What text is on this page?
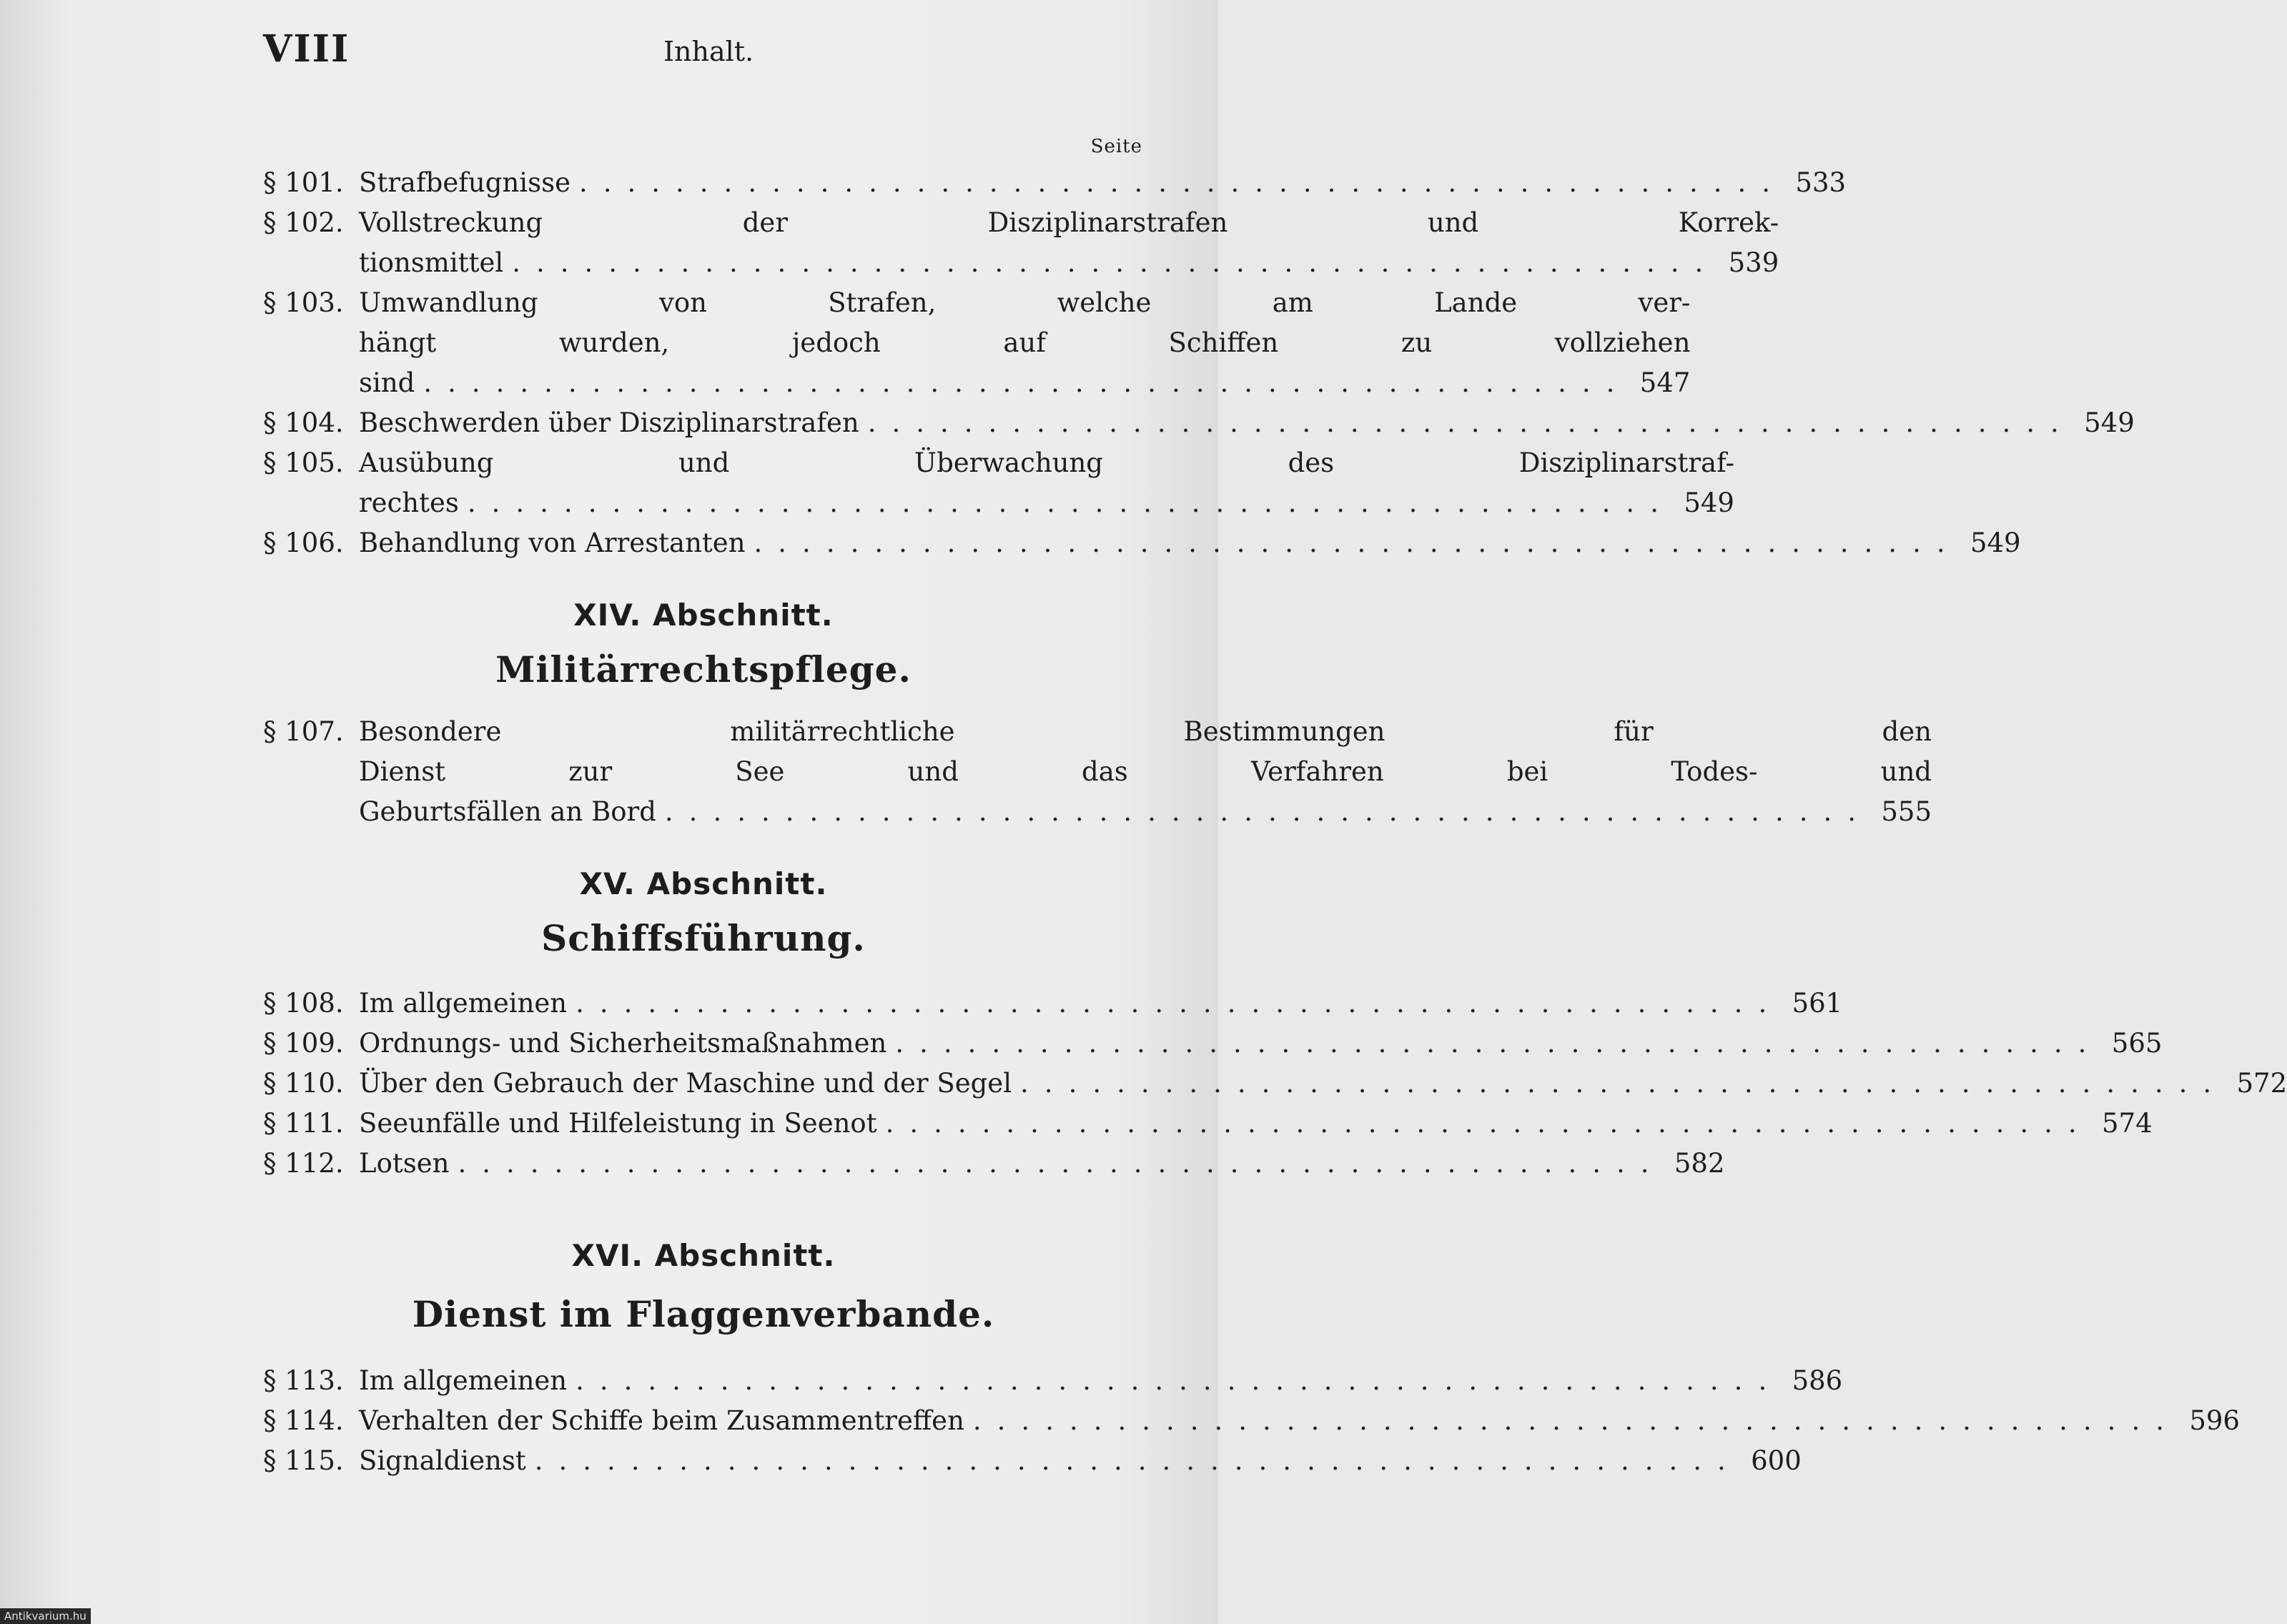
VIII	Inhalt.
Seite
§ 101. Strafbefugnisse .................................................. 533
§ 102. Vollstreckung der Disziplinarstrafen und Korrek-
tionsmittel .................................................. 539
§ 103. Umwandlung von Strafen, welche am Lande ver-
hängt wurden, jedoch auf Schiffen zu vollziehen
sind .................................................. 547
§ 104. Beschwerden über Disziplinarstrafen .................................................. 549
§ 105. Ausübung und Überwachung des Disziplinarstraf-
rechtes .................................................. 549
§ 106. Behandlung von Arrestanten .................................................. 549
XIV. Abschnitt.
Militärrechtspflege.
§ 107. Besondere militärrechtliche Bestimmungen für den
Dienst zur See und das Verfahren bei Todes- und
Geburtsfällen an Bord .................................................. 555
XV. Abschnitt.
Schiffsführung.
§ 108. Im allgemeinen .................................................. 561
§ 109. Ordnungs- und Sicherheitsmaßnahmen .................................................. 565
§ 110. Über den Gebrauch der Maschine und der Segel .................................................. 572
§ 111. Seeunfälle und Hilfeleistung in Seenot .................................................. 574
§ 112. Lotsen .................................................. 582
XVI. Abschnitt.
Dienst im Flaggenverbande.
§ 113. Im allgemeinen .................................................. 586
§ 114. Verhalten der Schiffe beim Zusammentreffen .................................................. 596
§ 115. Signaldienst .................................................. 600
Antikvarium.hu
